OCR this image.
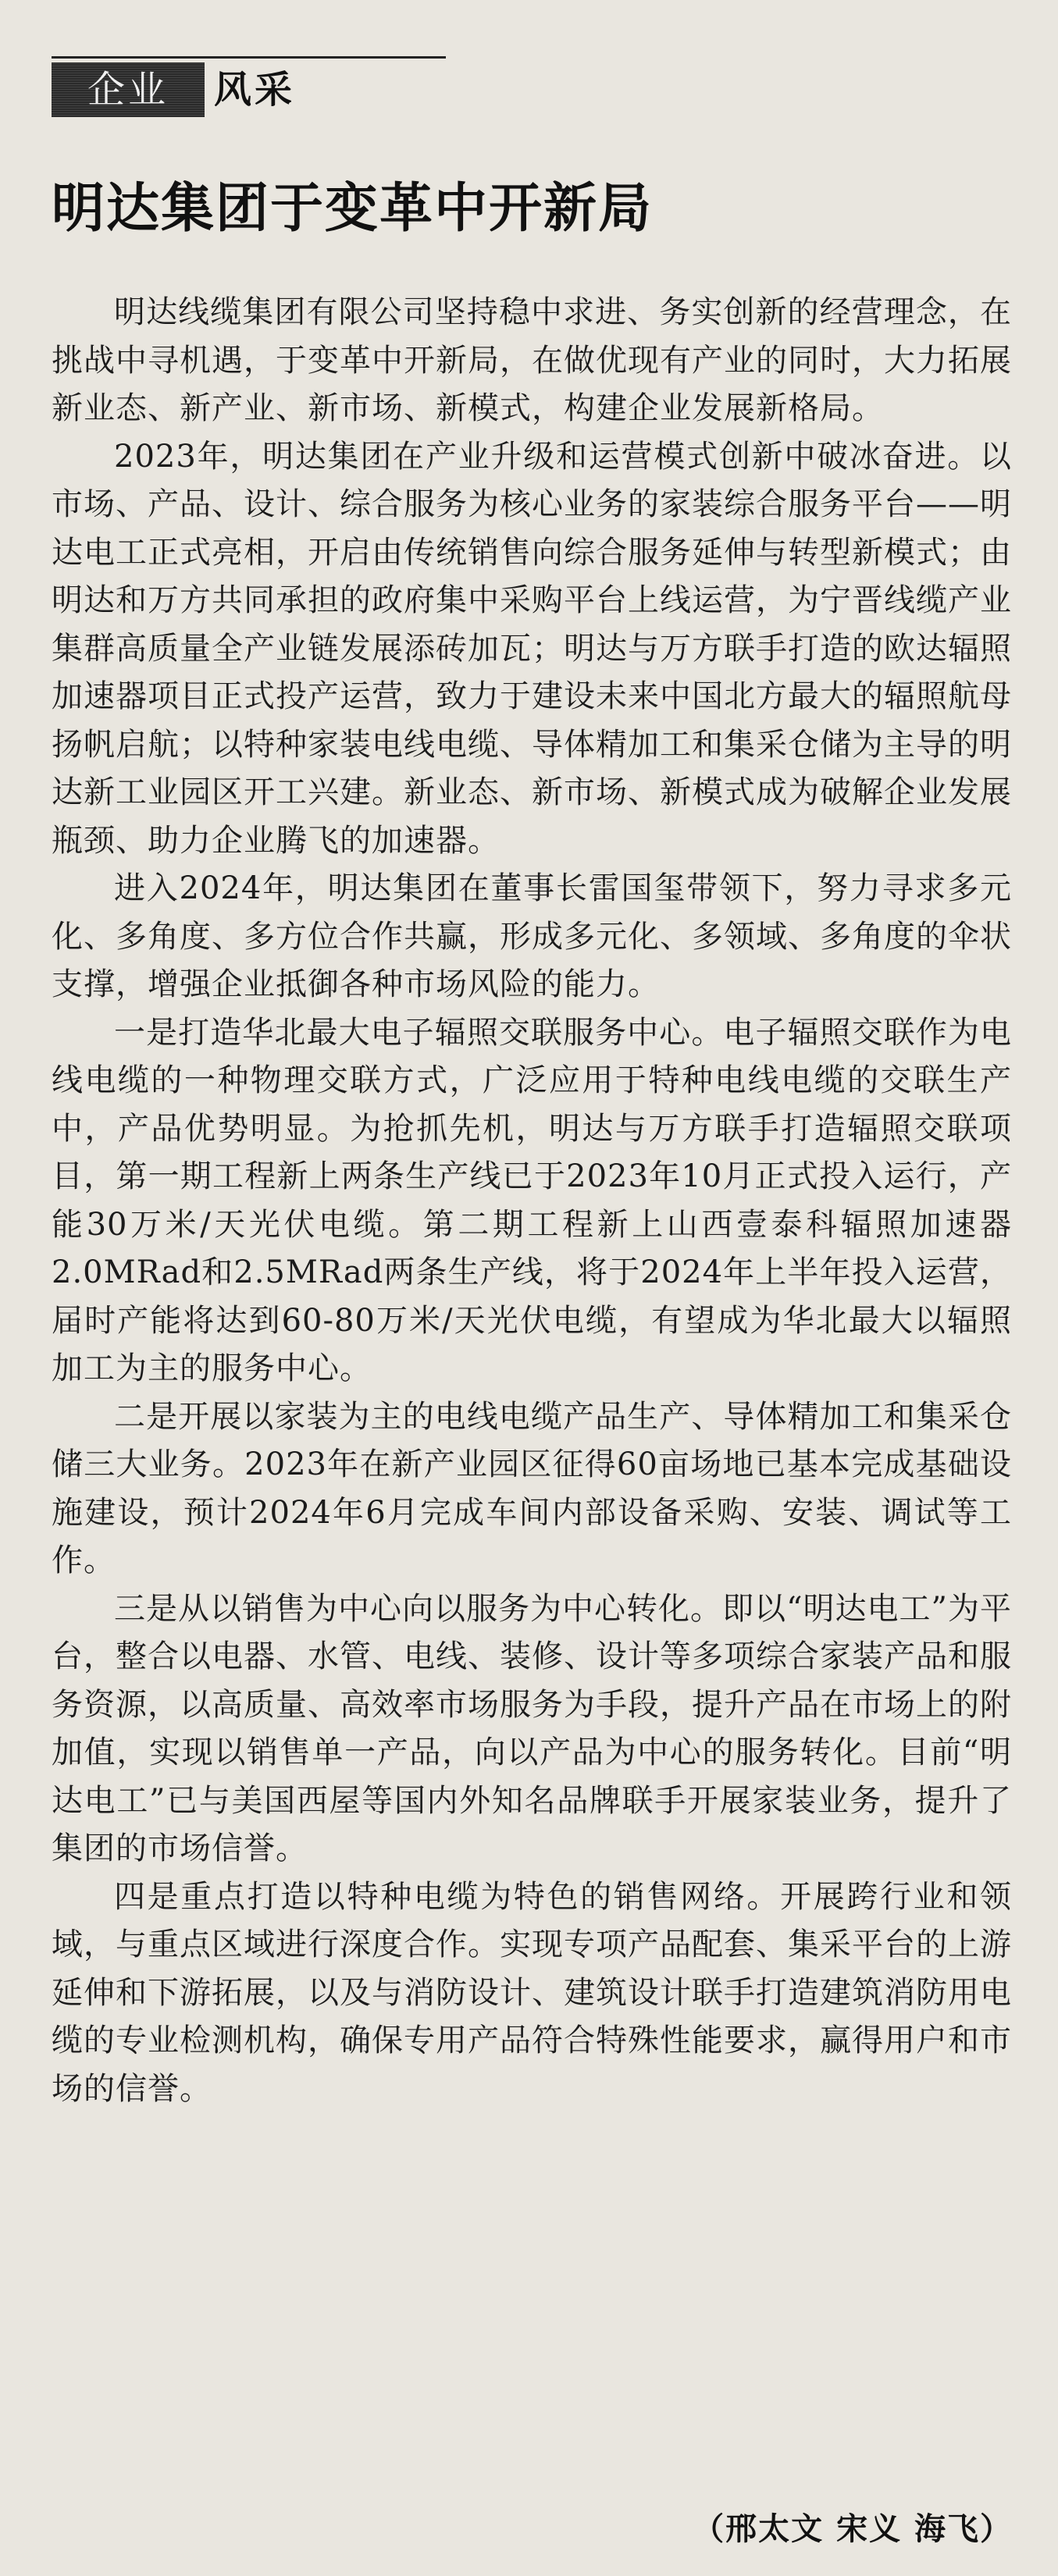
企业	风采
明达集团于变革中开新局

明达线缆集团有限公司坚持稳中求进、务实创新的经营理念，在挑战中寻机遇，于变革中开新局，在做优现有产业的同时，大力拓展新业态、新产业、新市场、新模式，构建企业发展新格局。

2023年，明达集团在产业升级和运营模式创新中破冰奋进。以市场、产品、设计、综合服务为核心业务的家装综合服务平台——明达电工正式亮相，开启由传统销售向综合服务延伸与转型新模式；由明达和万方共同承担的政府集中采购平台上线运营，为宁晋线缆产业集群高质量全产业链发展添砖加瓦；明达与万方联手打造的欧达辐照加速器项目正式投产运营，致力于建设未来中国北方最大的辐照航母扬帆启航；以特种家装电线电缆、导体精加工和集采仓储为主导的明达新工业园区开工兴建。新业态、新市场、新模式成为破解企业发展瓶颈、助力企业腾飞的加速器。

进入2024年，明达集团在董事长雷国玺带领下，努力寻求多元化、多角度、多方位合作共赢，形成多元化、多领域、多角度的伞状支撑，增强企业抵御各种市场风险的能力。

一是打造华北最大电子辐照交联服务中心。电子辐照交联作为电线电缆的一种物理交联方式，广泛应用于特种电线电缆的交联生产中，产品优势明显。为抢抓先机，明达与万方联手打造辐照交联项目，第一期工程新上两条生产线已于2023年10月正式投入运行，产能30万米/天光伏电缆。第二期工程新上山西壹泰科辐照加速器2.0MRad和2.5MRad两条生产线，将于2024年上半年投入运营，届时产能将达到60-80万米/天光伏电缆，有望成为华北最大以辐照加工为主的服务中心。

二是开展以家装为主的电线电缆产品生产、导体精加工和集采仓储三大业务。2023年在新产业园区征得60亩场地已基本完成基础设施建设，预计2024年6月完成车间内部设备采购、安装、调试等工作。

三是从以销售为中心向以服务为中心转化。即以“明达电工”为平台，整合以电器、水管、电线、装修、设计等多项综合家装产品和服务资源，以高质量、高效率市场服务为手段，提升产品在市场上的附加值，实现以销售单一产品，向以产品为中心的服务转化。目前“明达电工”已与美国西屋等国内外知名品牌联手开展家装业务，提升了集团的市场信誉。

四是重点打造以特种电缆为特色的销售网络。开展跨行业和领域，与重点区域进行深度合作。实现专项产品配套、集采平台的上游延伸和下游拓展，以及与消防设计、建筑设计联手打造建筑消防用电缆的专业检测机构，确保专用产品符合特殊性能要求，赢得用户和市场的信誉。

（邢太文 宋义 海飞）
